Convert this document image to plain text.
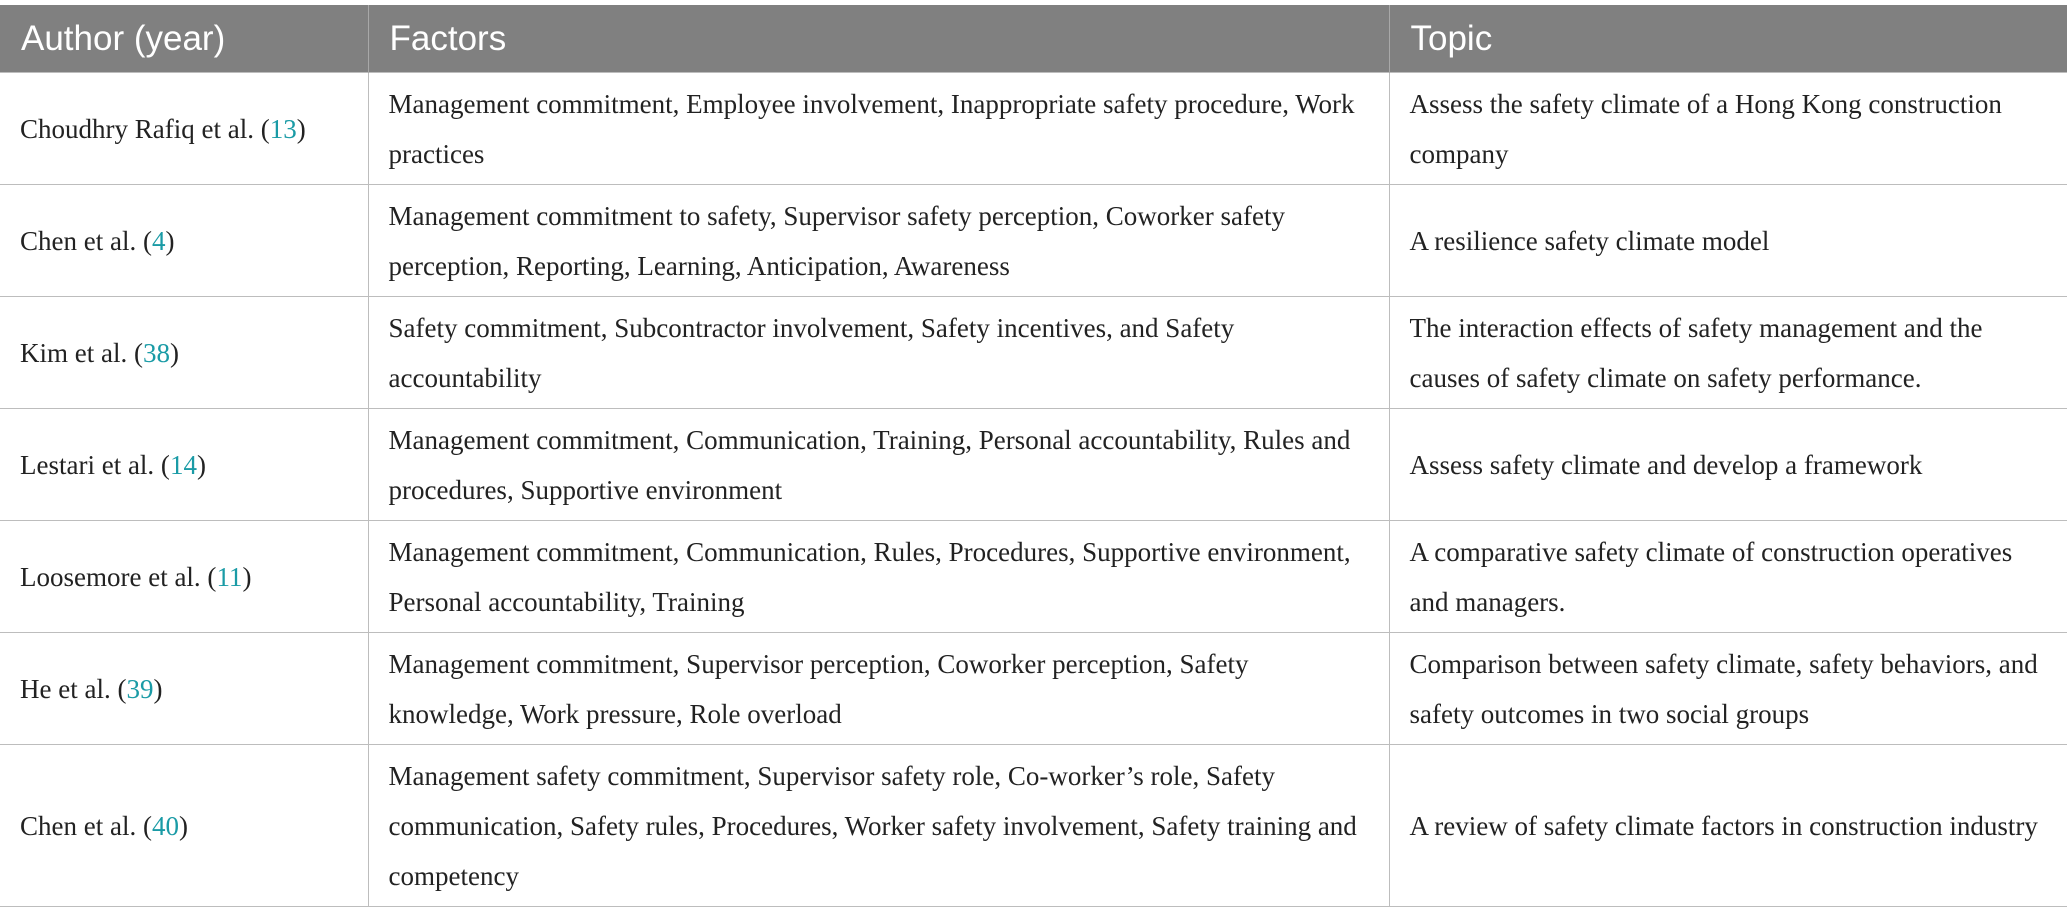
Author (year)	Factors	Topic
Choudhry Rafiq et al. (13)	Management commitment, Employee involvement, Inappropriate safety procedure, Work practices	Assess the safety climate of a Hong Kong construction company
Chen et al. (4)	Management commitment to safety, Supervisor safety perception, Coworker safety perception, Reporting, Learning, Anticipation, Awareness	A resilience safety climate model
Kim et al. (38)	Safety commitment, Subcontractor involvement, Safety incentives, and Safety accountability	The interaction effects of safety management and the causes of safety climate on safety performance.
Lestari et al. (14)	Management commitment, Communication, Training, Personal accountability, Rules and procedures, Supportive environment	Assess safety climate and develop a framework
Loosemore et al. (11)	Management commitment, Communication, Rules, Procedures, Supportive environment, Personal accountability, Training	A comparative safety climate of construction operatives and managers.
He et al. (39)	Management commitment, Supervisor perception, Coworker perception, Safety knowledge, Work pressure, Role overload	Comparison between safety climate, safety behaviors, and safety outcomes in two social groups
Chen et al. (40)	Management safety commitment, Supervisor safety role, Co-worker’s role, Safety communication, Safety rules, Procedures, Worker safety involvement, Safety training and competency	A review of safety climate factors in construction industry
